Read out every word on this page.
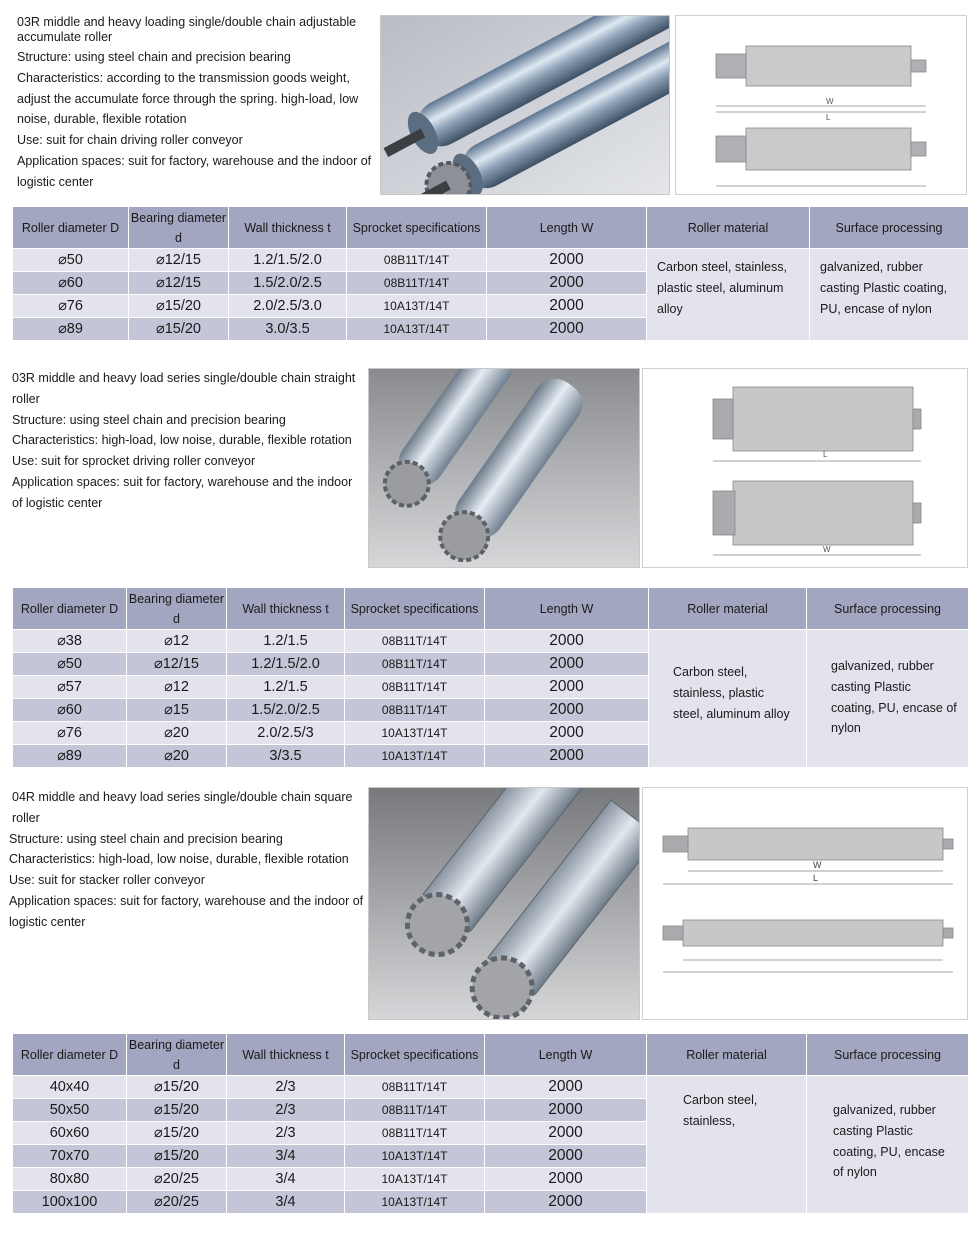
03R middle and heavy loading single/double chain adjustable accumulate roller

Structure: using steel chain and precision bearing

Characteristics: according to the transmission goods weight, adjust the accumulate force through the spring. high-load, low noise, durable, flexible rotation

Use: suit for chain driving roller conveyor

Application spaces: suit for factory, warehouse and the indoor of logistic center

W
L
Roller diameter D	Bearing diameter d	Wall thickness t	Sprocket specifications	Length W	Roller material	Surface processing
⌀50	⌀12/15	1.2/1.5/2.0	08B11T/14T	2000	Carbon steel, stainless, plastic steel, aluminum alloy	galvanized, rubber casting Plastic coating, PU, encase of nylon
⌀60	⌀12/15	1.5/2.0/2.5	08B11T/14T	2000		
⌀76	⌀15/20	2.0/2.5/3.0	10A13T/14T	2000		
⌀89	⌀15/20	3.0/3.5	10A13T/14T	2000		

03R middle and heavy load series single/double chain straight roller

Structure: using steel chain and precision bearing

Characteristics: high-load, low noise, durable, flexible rotation

Use: suit for sprocket driving roller conveyor

Application spaces: suit for factory, warehouse and the indoor of logistic center

L
W
Roller diameter D	Bearing diameter d	Wall thickness t	Sprocket specifications	Length W	Roller material	Surface processing
⌀38	⌀12	1.2/1.5	08B11T/14T	2000	Carbon steel, stainless, plastic steel, aluminum alloy	galvanized, rubber casting Plastic coating, PU, encase of nylon
⌀50	⌀12/15	1.2/1.5/2.0	08B11T/14T	2000		
⌀57	⌀12	1.2/1.5	08B11T/14T	2000		
⌀60	⌀15	1.5/2.0/2.5	08B11T/14T	2000		
⌀76	⌀20	2.0/2.5/3	10A13T/14T	2000		
⌀89	⌀20	3/3.5	10A13T/14T	2000		

04R middle and heavy load series single/double chain square roller

Structure: using steel chain and precision bearing

Characteristics: high-load, low noise, durable, flexible rotation

Use: suit for stacker roller conveyor

Application spaces: suit for factory, warehouse and the indoor of logistic center

W
L
Roller diameter D	Bearing diameter d	Wall thickness t	Sprocket specifications	Length W	Roller material	Surface processing
40x40	⌀15/20	2/3	08B11T/14T	2000	Carbon steel, stainless,	galvanized, rubber casting Plastic coating, PU, encase of nylon
50x50	⌀15/20	2/3	08B11T/14T	2000		
60x60	⌀15/20	2/3	08B11T/14T	2000		
70x70	⌀15/20	3/4	10A13T/14T	2000		
80x80	⌀20/25	3/4	10A13T/14T	2000		
100x100	⌀20/25	3/4	10A13T/14T	2000		
